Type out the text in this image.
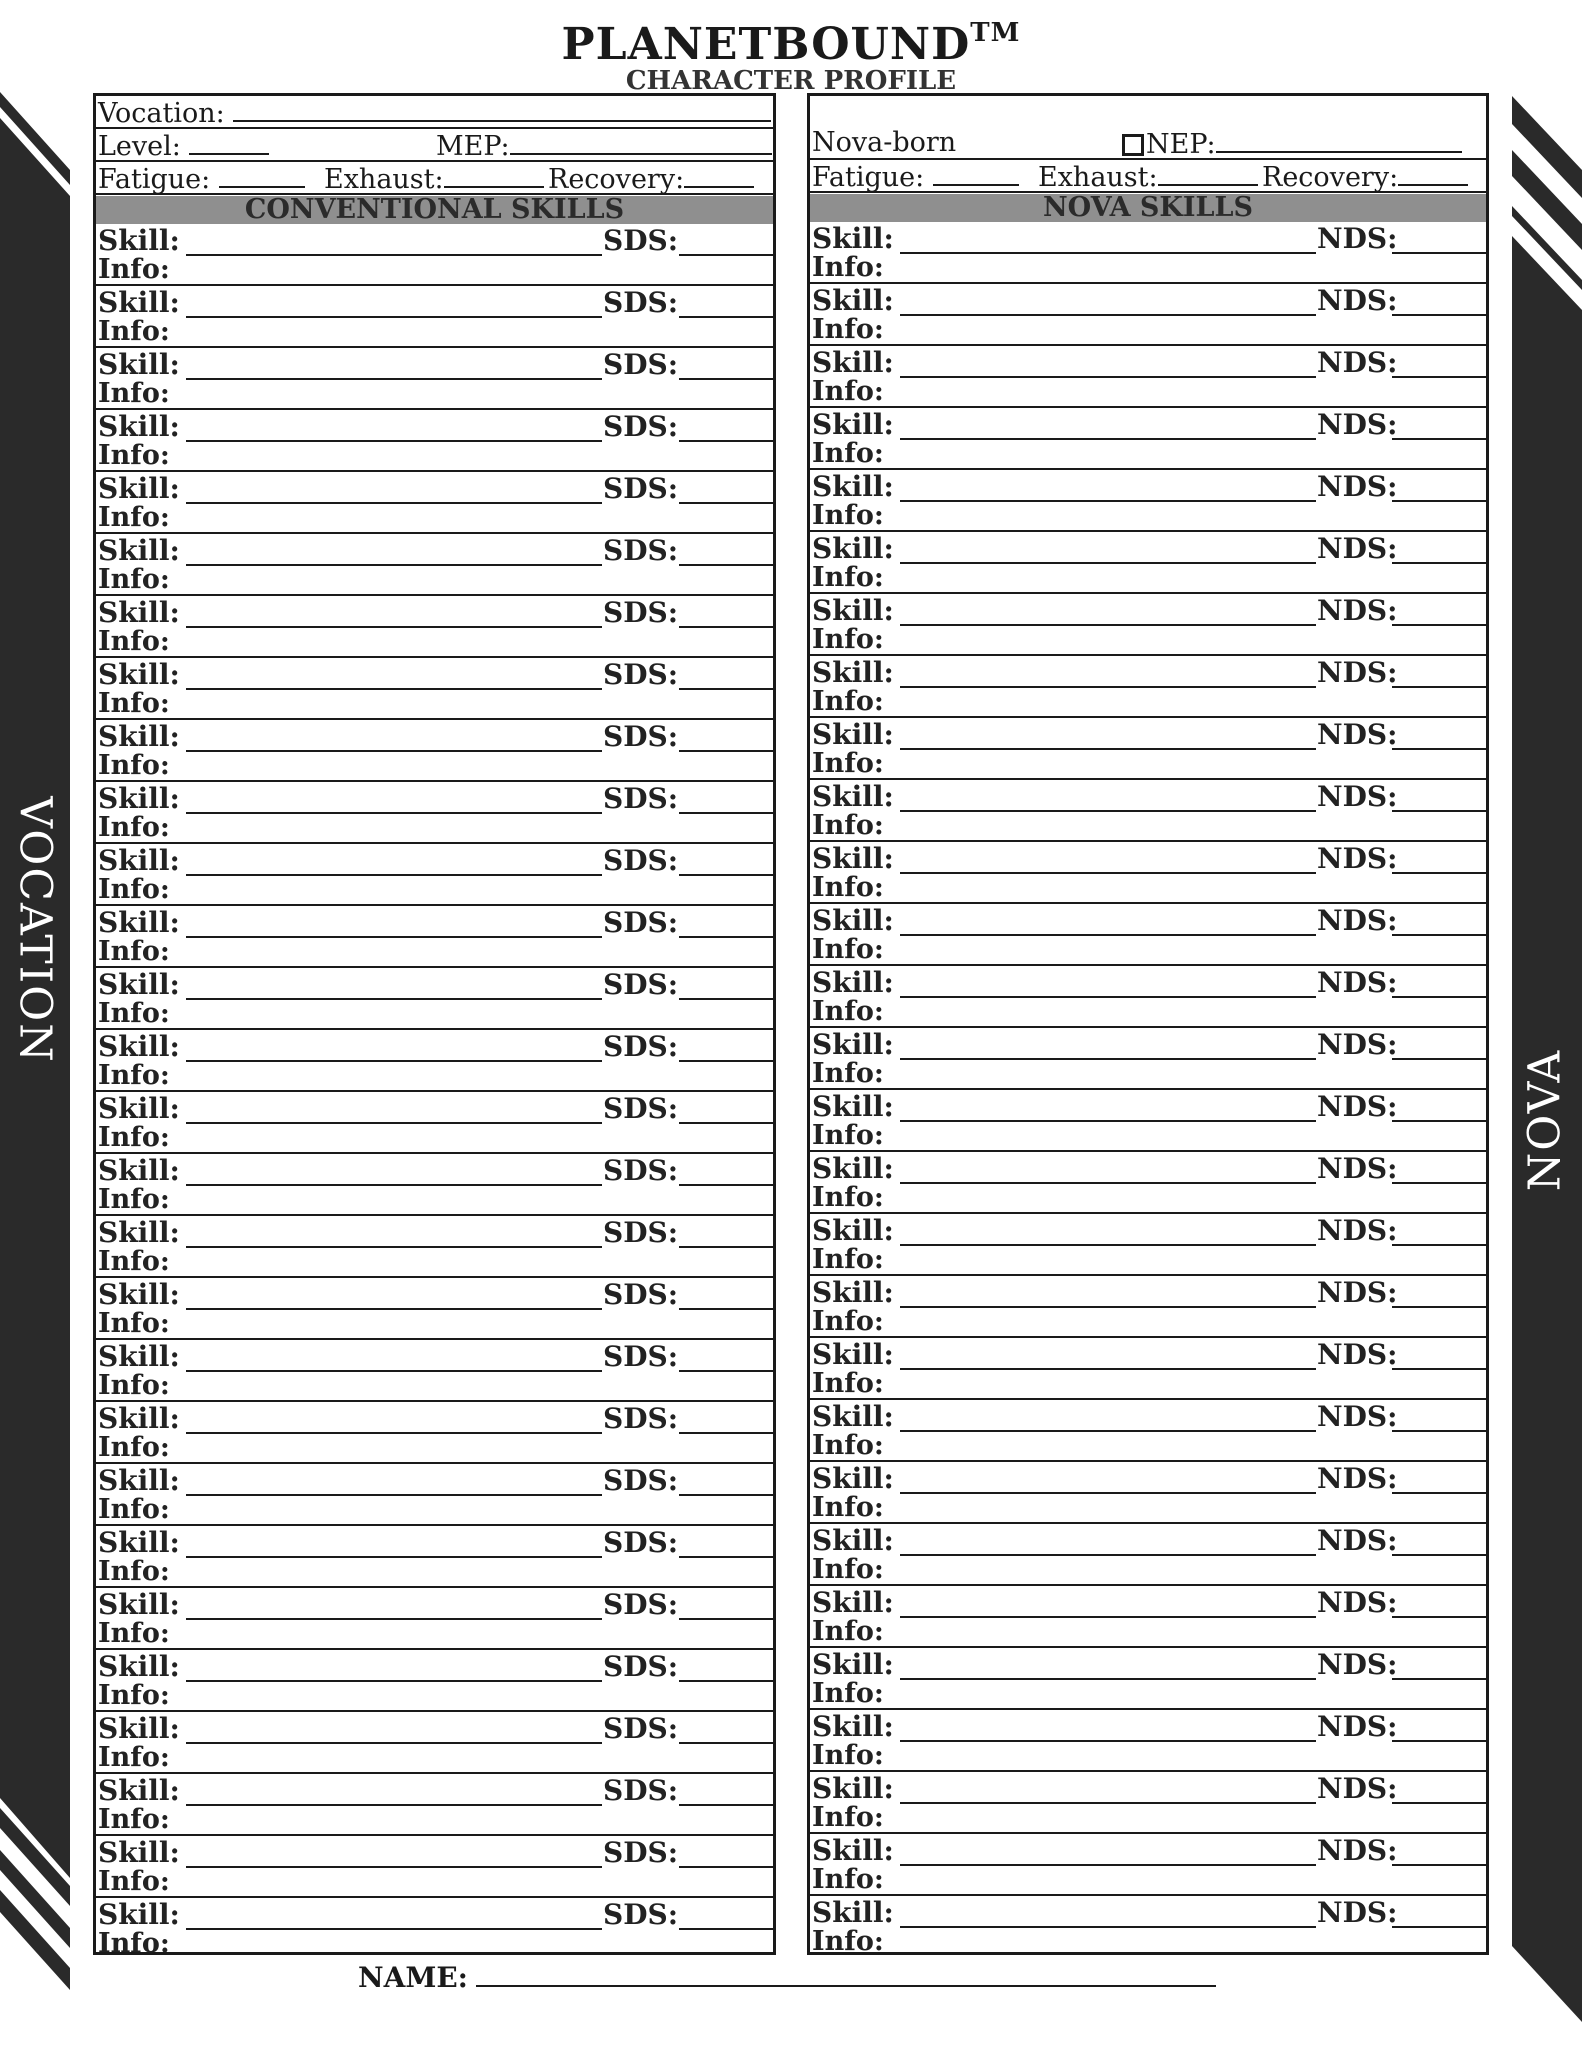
PLANETBOUND™
CHARACTER PROFILE
VOCATION
NOVA
Vocation:
Level:	MEP:
Fatigue:	Exhaust:	Recovery:
CONVENTIONAL SKILLS
Skill:	SDS:
Info:
Skill:	SDS:
Info:
Skill:	SDS:
Info:
Skill:	SDS:
Info:
Skill:	SDS:
Info:
Skill:	SDS:
Info:
Skill:	SDS:
Info:
Skill:	SDS:
Info:
Skill:	SDS:
Info:
Skill:	SDS:
Info:
Skill:	SDS:
Info:
Skill:	SDS:
Info:
Skill:	SDS:
Info:
Skill:	SDS:
Info:
Skill:	SDS:
Info:
Skill:	SDS:
Info:
Skill:	SDS:
Info:
Skill:	SDS:
Info:
Skill:	SDS:
Info:
Skill:	SDS:
Info:
Skill:	SDS:
Info:
Skill:	SDS:
Info:
Skill:	SDS:
Info:
Skill:	SDS:
Info:
Skill:	SDS:
Info:
Skill:	SDS:
Info:
Skill:	SDS:
Info:
Skill:	SDS:
Info:
Nova-born	NEP:
Fatigue:	Exhaust:	Recovery:
NOVA SKILLS
Skill:	NDS:
Info:
Skill:	NDS:
Info:
Skill:	NDS:
Info:
Skill:	NDS:
Info:
Skill:	NDS:
Info:
Skill:	NDS:
Info:
Skill:	NDS:
Info:
Skill:	NDS:
Info:
Skill:	NDS:
Info:
Skill:	NDS:
Info:
Skill:	NDS:
Info:
Skill:	NDS:
Info:
Skill:	NDS:
Info:
Skill:	NDS:
Info:
Skill:	NDS:
Info:
Skill:	NDS:
Info:
Skill:	NDS:
Info:
Skill:	NDS:
Info:
Skill:	NDS:
Info:
Skill:	NDS:
Info:
Skill:	NDS:
Info:
Skill:	NDS:
Info:
Skill:	NDS:
Info:
Skill:	NDS:
Info:
Skill:	NDS:
Info:
Skill:	NDS:
Info:
Skill:	NDS:
Info:
Skill:	NDS:
Info:
NAME:
